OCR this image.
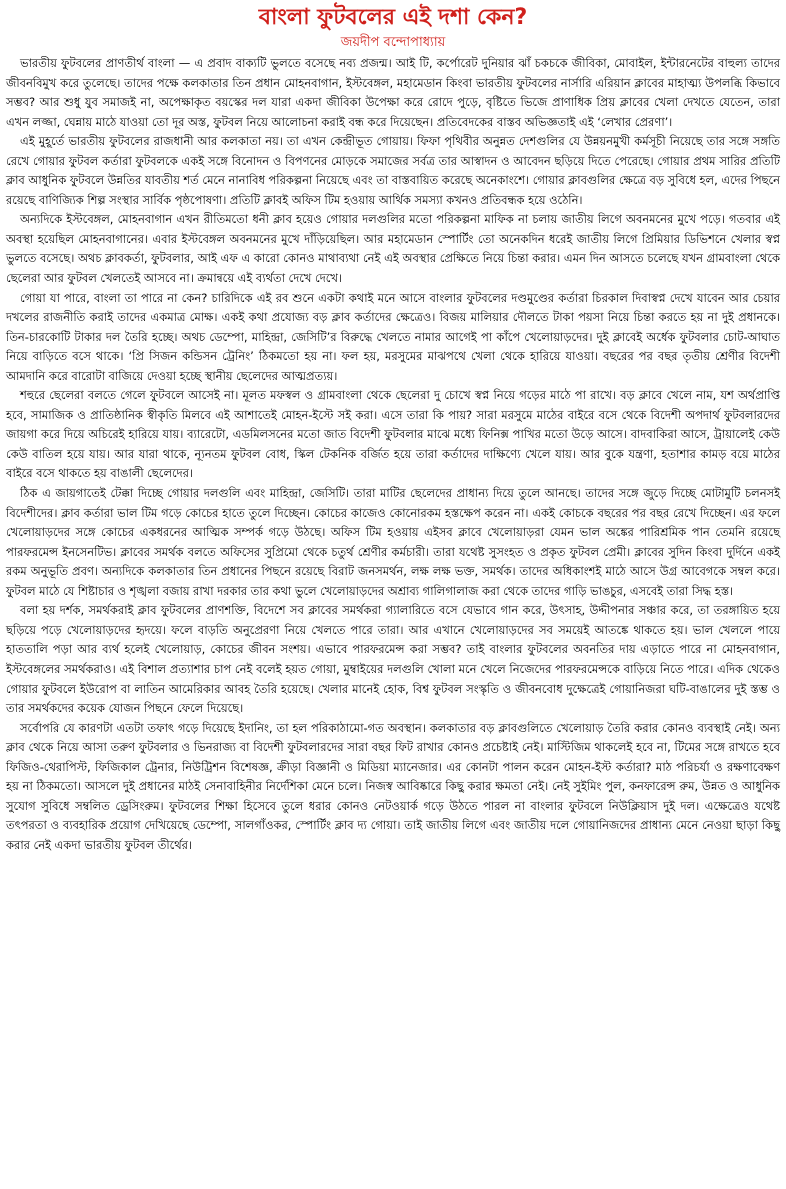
বাংলা ফুটবলের এই দশা কেন?
জয়দীপ বন্দোপাধ্যায়

ভারতীয় ফুটবলের প্রাণতীর্থ বাংলা — এ প্রবাদ বাক্যটি ভুলতে বসেছে নব্য প্রজন্ম। আই টি, কর্পোরেট দুনিয়ার ঝাঁ চকচকে জীবিকা, মোবাইল, ইন্টারনেটের বাহুল্য তাদের জীবনবিমুখ করে তুলেছে। তাদের পক্ষে কলকাতার তিন প্রধান মোহনবাগান, ইস্টবেঙ্গল, মহামেডান কিংবা ভারতীয় ফুটবলের নার্সারি এরিয়ান ক্লাবের মাহাত্ম্য উপলব্ধি কিভাবে সম্ভব? আর শুধু যুব সমাজই না, অপেক্ষাকৃত বয়স্কের দল যারা একদা জীবিকা উপেক্ষা করে রোদে পুড়ে, বৃষ্টিতে ভিজে প্রাণাধিক প্রিয় ক্লাবের খেলা দেখতে যেতেন, তারা এখন লজ্জা, ঘেন্নায় মাঠে যাওয়া তো দূর অস্ত, ফুটবল নিয়ে আলোচনা করাই বন্ধ করে দিয়েছেন। প্রতিবেদকের বাস্তব অভিজ্ঞতাই এই ‘লেখার প্রেরণা’।

এই মুহূর্তে ভারতীয় ফুটবলের রাজধানী আর কলকাতা নয়। তা এখন কেন্দ্রীভূত গোয়ায়। ফিফা পৃথিবীর অনুন্নত দেশগুলির যে উন্নয়নমুখী কর্মসূচী নিয়েছে তার সঙ্গে সঙ্গতি রেখে গোয়ার ফুটবল কর্তারা ফুটবলকে একই সঙ্গে বিনোদন ও বিপণনের মোড়কে সমাজের সর্বত্র তার আস্বাদন ও আবেদন ছড়িয়ে দিতে পেরেছে। গোয়ার প্রথম সারির প্রতিটি ক্লাব আধুনিক ফুটবলে উন্নতির যাবতীয় শর্ত মেনে নানাবিধ পরিকল্পনা নিয়েছে এবং তা বাস্তবায়িত করেছে অনেকাংশে। গোয়ার ক্লাবগুলির ক্ষেত্রে বড় সুবিধে হল, এদের পিছনে রয়েছে বাণিজ্যিক শিল্প সংস্থার সার্বিক পৃষ্ঠপোষণা। প্রতিটি ক্লাবই অফিস টিম হওয়ায় আর্থিক সমস্যা কখনও প্রতিবন্ধক হয়ে ওঠেনি।

অন্যদিকে ইস্টবেঙ্গল, মোহনবাগান এখন রীতিমতো ধনী ক্লাব হয়েও গোয়ার দলগুলির মতো পরিকল্পনা মাফিক না চলায় জাতীয় লিগে অবনমনের মুখে পড়ে। গতবার এই অবস্থা হয়েছিল মোহনবাগানের। এবার ইস্টবেঙ্গল অবনমনের মুখে দাঁড়িয়েছিল। আর মহামেডান স্পোর্টিং তো অনেকদিন ধরেই জাতীয় লিগে প্রিমিয়ার ডিভিশনে খেলার স্বপ্ন ভুলতে বসেছে। অথচ ক্লাবকর্তা, ফুটবলার, আই এফ এ কারো কোনও মাথাব্যথা নেই এই অবস্থার প্রেক্ষিতে নিয়ে চিন্তা করার। এমন দিন আসতে চলেছে যখন গ্রামবাংলা থেকে ছেলেরা আর ফুটবল খেলতেই আসবে না। ক্রমান্বয়ে এই ব্যর্থতা দেখে দেখে।

গোয়া যা পারে, বাংলা তা পারে না কেন? চারিদিকে এই রব শুনে একটা কথাই মনে আসে বাংলার ফুটবলের দণ্ডমুণ্ডের কর্তারা চিরকাল দিবাস্বপ্ন দেখে যাবেন আর চেয়ার দখলের রাজনীতি করাই তাদের একমাত্র মোক্ষ। একই কথা প্রযোজ্য বড় ক্লাব কর্তাদের ক্ষেত্রেও। বিজয় মালিয়ার দৌলতে টাকা পয়সা নিয়ে চিন্তা করতে হয় না দুই প্রধানকে। তিন-চারকোটি টাকার দল তৈরি হচ্ছে। অথচ ডেম্পো, মাহিন্দ্রা, জেসিটি’র বিরুদ্ধে খেলতে নামার আগেই পা কাঁপে খেলোয়াড়দের। দুই ক্লাবেই অর্ধেক ফুটবলার চোট-আঘাত নিয়ে বাড়িতে বসে থাকে। ‘প্রি সিজন কন্ডিসন ট্রেনিং’ ঠিকমতো হয় না। ফল হয়, মরসুমের মাঝপথে খেলা থেকে হারিয়ে যাওয়া। বছরের পর বছর তৃতীয় শ্রেণীর বিদেশী আমদানি করে বারোটা বাজিয়ে দেওয়া হচ্ছে স্থানীয় ছেলেদের আত্মপ্রত্যয়।

শহুরে ছেলেরা বলতে গেলে ফুটবলে আসেই না। মূলত মফস্বল ও গ্রামবাংলা থেকে ছেলেরা দু চোখে স্বপ্ন নিয়ে গড়ের মাঠে পা রাখে। বড় ক্লাবে খেলে নাম, যশ অর্থপ্রাপ্তি হবে, সামাজিক ও প্রাতিষ্ঠানিক স্বীকৃতি মিলবে এই আশাতেই মোহন-ইস্টে সই করা। এসে তারা কি পায়? সারা মরসুমে মাঠের বাইরে বসে থেকে বিদেশী অপদার্থ ফুটবলারদের জায়গা করে দিয়ে অচিরেই হারিয়ে যায়। ব্যারেটো, এডমিলসনের মতো জাত বিদেশী ফুটবলার মাঝে মধ্যে ফিনিক্স পাখির মতো উড়ে আসে। বাদবাকিরা আসে, ট্রায়ালেই কেউ কেউ বাতিল হয়ে যায়। আর যারা থাকে, ন্যূনতম ফুটবল বোধ, স্কিল টেকনিক বর্জিত হয়ে তারা কর্তাদের দাক্ষিণ্যে খেলে যায়। আর বুকে যন্ত্রণা, হতাশার কামড় বয়ে মাঠের বাইরে বসে থাকতে হয় বাঙালী ছেলেদের।

ঠিক এ জায়গাতেই টেক্কা দিচ্ছে গোয়ার দলগুলি এবং মাহিন্দ্রা, জেসিটি। তারা মাটির ছেলেদের প্রাধান্য দিয়ে তুলে আনছে। তাদের সঙ্গে জুড়ে দিচ্ছে মোটামুটি চলনসই বিদেশীদের। ক্লাব কর্তারা ভাল টিম গড়ে কোচের হাতে তুলে দিচ্ছেন। কোচের কাজেও কোনোরকম হস্তক্ষেপ করেন না। একই কোচকে বছরের পর বছর রেখে দিচ্ছেন। এর ফলে খেলোয়াড়দের সঙ্গে কোচের একধরনের আত্মিক সম্পর্ক গড়ে উঠছে। অফিস টিম হওয়ায় এইসব ক্লাবে খেলোয়াড়রা যেমন ভাল অঙ্কের পারিশ্রমিক পান তেমনি রয়েছে পারফরমেন্স ইনসেনটিভ। ক্লাবের সমর্থক বলতে অফিসের সুপ্রিমো থেকে চতুর্থ শ্রেণীর কর্মচারী। তারা যথেষ্ট সুসংহত ও প্রকৃত ফুটবল প্রেমী। ক্লাবের সুদিন কিংবা দুর্দিনে একই রকম অনুভূতি প্রবণ। অন্যদিকে কলকাতার তিন প্রধানের পিছনে রয়েছে বিরাট জনসমর্থন, লক্ষ লক্ষ ভক্ত, সমর্থক। তাদের অধিকাংশই মাঠে আসে উগ্র আবেগকে সম্বল করে। ফুটবল মাঠে যে শিষ্টাচার ও শৃঙ্খলা বজায় রাখা দরকার তার কথা ভুলে খেলোয়াড়দের অশ্রাব্য গালিগালাজ করা থেকে তাদের গাড়ি ভাঙচুর, এসবেই তারা সিদ্ধ হস্ত।

বলা হয় দর্শক, সমর্থকরাই ক্লাব ফুটবলের প্রাণশক্তি, বিদেশে সব ক্লাবের সমর্থকরা গ্যালারিতে বসে যেভাবে গান করে, উৎসাহ, উদ্দীপনার সঞ্চার করে, তা তরঙ্গায়িত হয়ে ছড়িয়ে পড়ে খেলোয়াড়দের হৃদয়ে। ফলে বাড়তি অনুপ্রেরণা নিয়ে খেলতে পারে তারা। আর এখানে খেলোয়াড়দের সব সময়েই আতঙ্কে থাকতে হয়। ভাল খেললে পায়ে হাততালি পড়া আর ব্যর্থ হলেই খেলোয়াড়, কোচের জীবন সংশয়। এভাবে পারফরমেন্স করা সম্ভব? তাই বাংলার ফুটবলের অবনতির দায় এড়াতে পারে না মোহনবাগান, ইস্টবেঙ্গলের সমর্থকরাও। এই বিশাল প্রত্যাশার চাপ নেই বলেই হয়ত গোয়া, মুম্বাইয়ের দলগুলি খোলা মনে খেলে নিজেদের পারফরমেন্সকে বাড়িয়ে নিতে পারে। এদিক থেকেও গোয়ার ফুটবলে ইউরোপ বা লাতিন আমেরিকার আবহ তৈরি হয়েছে। খেলার মানেই হোক, বিশ্ব ফুটবল সংস্কৃতি ও জীবনবোধ দুক্ষেত্রেই গোয়ানিজরা ঘটি-বাঙালের দুই স্তম্ভ ও তার সমর্থকদের কয়েক যোজন পিছনে ফেলে দিয়েছে।

সর্বোপরি যে কারণটা এতটা তফাৎ গড়ে দিয়েছে ইদানিং, তা হল পরিকাঠামো-গত অবস্থান। কলকাতার বড় ক্লাবগুলিতে খেলোয়াড় তৈরি করার কোনও ব্যবস্থাই নেই। অন্য ক্লাব থেকে নিয়ে আসা তরুণ ফুটবলার ও ভিনরাজ্য বা বিদেশী ফুটবলারদের সারা বছর ফিট রাখার কোনও প্রচেষ্টাই নেই। মাস্টিজিম থাকলেই হবে না, টিমের সঙ্গে রাখতে হবে ফিজিও-থেরাপিস্ট, ফিজিকাল ট্রেনার, নিউট্রিশন বিশেষজ্ঞ, ক্রীড়া বিজ্ঞানী ও মিডিয়া ম্যানেজার। এর কোনটা পালন করেন মোহন-ইস্ট কর্তারা? মাঠ পরিচর্যা ও রক্ষণাবেক্ষণ হয় না ঠিকমতো। আসলে দুই প্রধানের মাঠই সেনাবাহিনীর নির্দেশিকা মেনে চলে। নিজস্ব আবিষ্কারে কিছু করার ক্ষমতা নেই। নেই সুইমিং পুল, কনফারেন্স রুম, উন্নত ও আধুনিক সুযোগ সুবিধে সম্বলিত ড্রেসিংরুম। ফুটবলের শিক্ষা হিসেবে তুলে ধরার কোনও নেটওয়ার্ক গড়ে উঠতে পারল না বাংলার ফুটবলে নিউক্লিয়াস দুই দল। এক্ষেত্রেও যথেষ্ট তৎপরতা ও ব্যবহারিক প্রয়োগ দেখিয়েছে ডেম্পো, সালগাঁওকর, স্পোর্টিং ক্লাব দ্য গোয়া। তাই জাতীয় লিগে এবং জাতীয় দলে গোয়ানিজদের প্রাধান্য মেনে নেওয়া ছাড়া কিছু করার নেই একদা ভারতীয় ফুটবল তীর্থের।
